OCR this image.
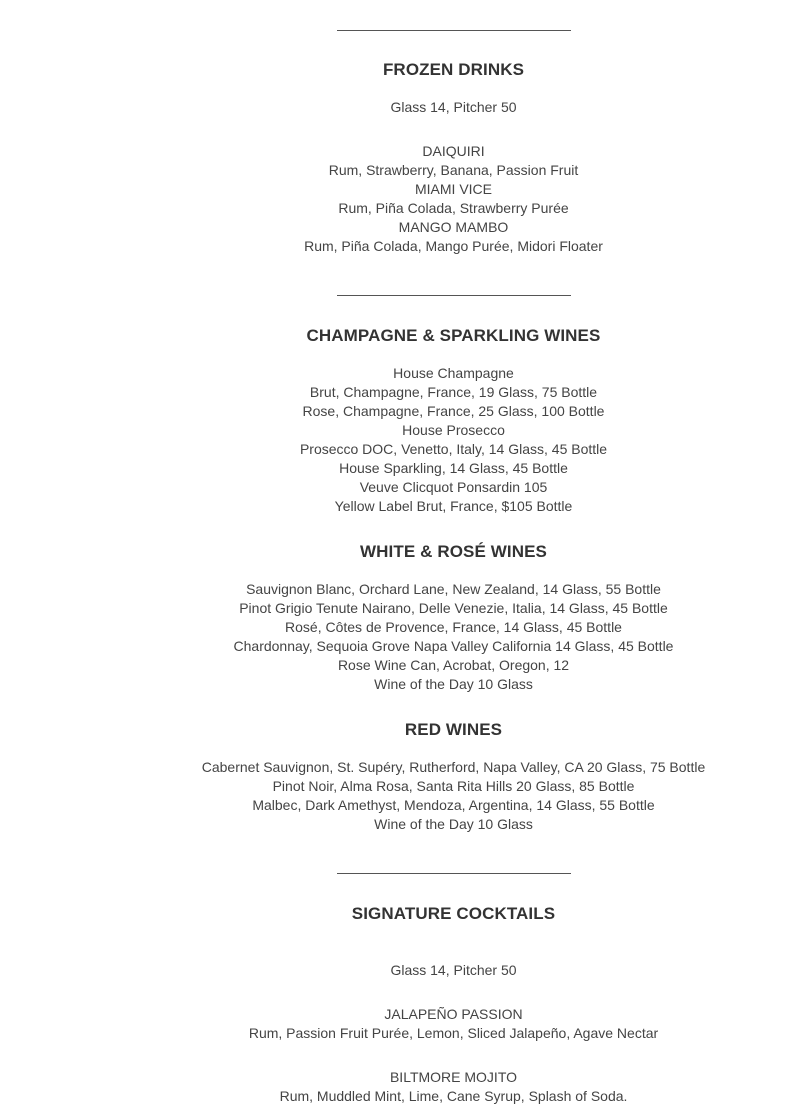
FROZEN DRINKS
Glass 14, Pitcher 50
DAIQUIRI
Rum, Strawberry, Banana, Passion Fruit
MIAMI VICE
Rum, Piña Colada, Strawberry Purée
MANGO MAMBO
Rum, Piña Colada, Mango Purée, Midori Floater
CHAMPAGNE & SPARKLING WINES
House Champagne
Brut, Champagne, France, 19 Glass, 75 Bottle
Rose, Champagne, France, 25 Glass, 100 Bottle
House Prosecco
Prosecco DOC, Venetto, Italy, 14 Glass, 45 Bottle
House Sparkling, 14 Glass, 45 Bottle
Veuve Clicquot Ponsardin 105
Yellow Label Brut, France, $105 Bottle
WHITE & ROSÉ WINES
Sauvignon Blanc, Orchard Lane, New Zealand, 14 Glass, 55 Bottle
Pinot Grigio Tenute Nairano, Delle Venezie, Italia, 14 Glass, 45 Bottle
Rosé, Côtes de Provence, France, 14 Glass, 45 Bottle
Chardonnay, Sequoia Grove Napa Valley California 14 Glass, 45 Bottle
Rose Wine Can, Acrobat, Oregon, 12
Wine of the Day 10 Glass
RED WINES
Cabernet Sauvignon, St. Supéry, Rutherford, Napa Valley, CA 20 Glass, 75 Bottle
Pinot Noir, Alma Rosa, Santa Rita Hills 20 Glass, 85 Bottle
Malbec, Dark Amethyst, Mendoza, Argentina, 14 Glass, 55 Bottle
Wine of the Day 10 Glass
SIGNATURE COCKTAILS
Glass 14, Pitcher 50
JALAPEÑO PASSION
Rum, Passion Fruit Purée, Lemon, Sliced Jalapeño, Agave Nectar
BILTMORE MOJITO
Rum, Muddled Mint, Lime, Cane Syrup, Splash of Soda.
